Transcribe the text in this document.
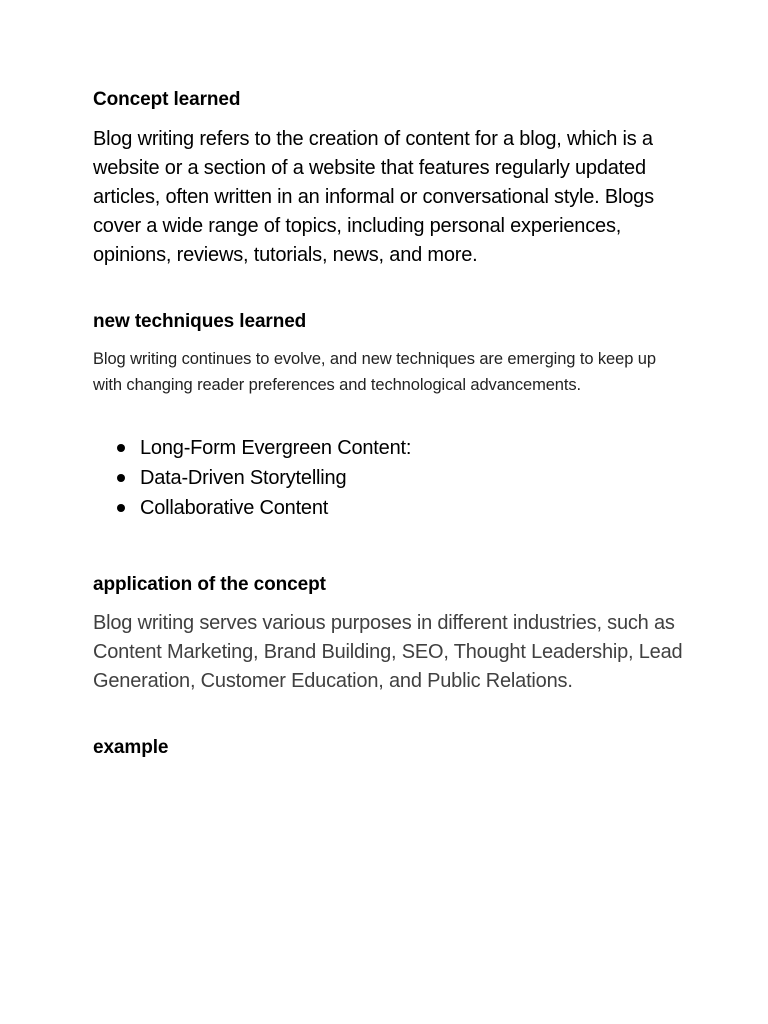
Concept learned

Blog writing refers to the creation of content for a blog, which is a website or a section of a website that features regularly updated articles, often written in an informal or conversational style. Blogs cover a wide range of topics, including personal experiences, opinions, reviews, tutorials, news, and more.

new techniques learned

Blog writing continues to evolve, and new techniques are emerging to keep up with changing reader preferences and technological advancements.

Long-Form Evergreen Content:
Data-Driven Storytelling
Collaborative Content

application of the concept

Blog writing serves various purposes in different industries, such as Content Marketing, Brand Building, SEO, Thought Leadership, Lead Generation, Customer Education, and Public Relations.

example
